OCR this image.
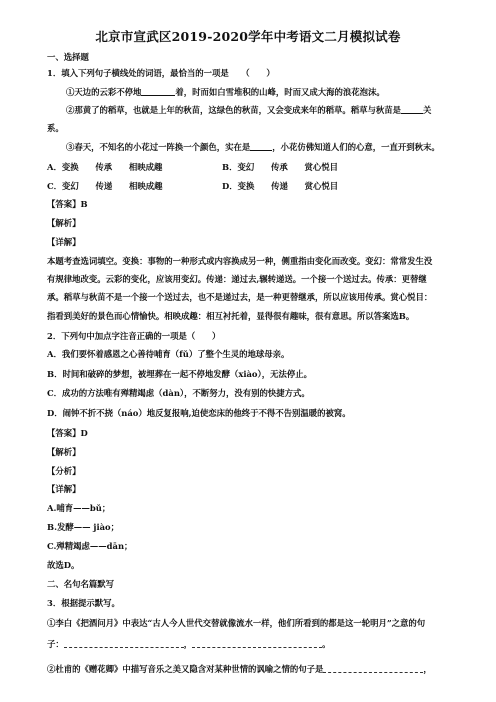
北京市宣武区2019-2020学年中考语文二月模拟试卷
一、选择题
1．填入下列句子横线处的词语，最恰当的一项是　　（　　）
①天边的云彩不停地	着，时而如白雪堆积的山峰，时而又成大海的浪花泡沫。
②那黄了的稻草，也就是上年的秋苗，这绿色的秋苗，又会变成来年的稻草。稻草与秋苗是	关
系。
③春天，不知名的小花过一阵换一个颜色，实在是	，小花仿佛知道人们的心意，一直开到秋末。
A．变换　　传承　　相映成趣	B．变幻　　传承　　赏心悦目
C．变幻　　传递　　相映成趣	D．变换　　传递　　赏心悦目
【答案】B
【解析】
【详解】
本题考查选词填空。变换：事物的一种形式或内容换成另一种，侧重指由变化而改变。变幻：常常发生没
有规律地改变。云彩的变化，应该用变幻。传递：递过去,辗转递送。一个接一个送过去。传承：更替继
承。稻草与秋苗不是一个接一个送过去，也不是递过去，是一种更替继承，所以应该用传承。赏心悦目：
指看到美好的景色而心情愉快。相映成趣：相互衬托着，显得很有趣味，很有意思。所以答案选B。
2．下列句中加点字注音正确的一项是（　　）
A．我们要怀着感恩之心善待哺育（fǔ）了整个生灵的地球母亲。
B．时间和破碎的梦想，被埋葬在一起不停地发酵（xiào），无法停止。
C．成功的方法唯有殚精竭虑（dàn），不断努力，没有别的快捷方式。
D．闹钟不折不挠（náo）地反复报响,迫使恋床的他终于不得不告别温暖的被窝。
【答案】D
【解析】
【分析】
【详解】
A.哺育——bǔ；
B.发酵—— jiào；
C.殚精竭虑——dān；
故选D。
二、名句名篇默写
3．根据提示默写。
①李白《把酒问月》中表达“古人今人世代交替就像流水一样，他们所看到的都是这一轮明月”之意的句
子：	，	。
②杜甫的《赠花卿》中描写音乐之美又隐含对某种世情的讽喻之情的句子是	，
